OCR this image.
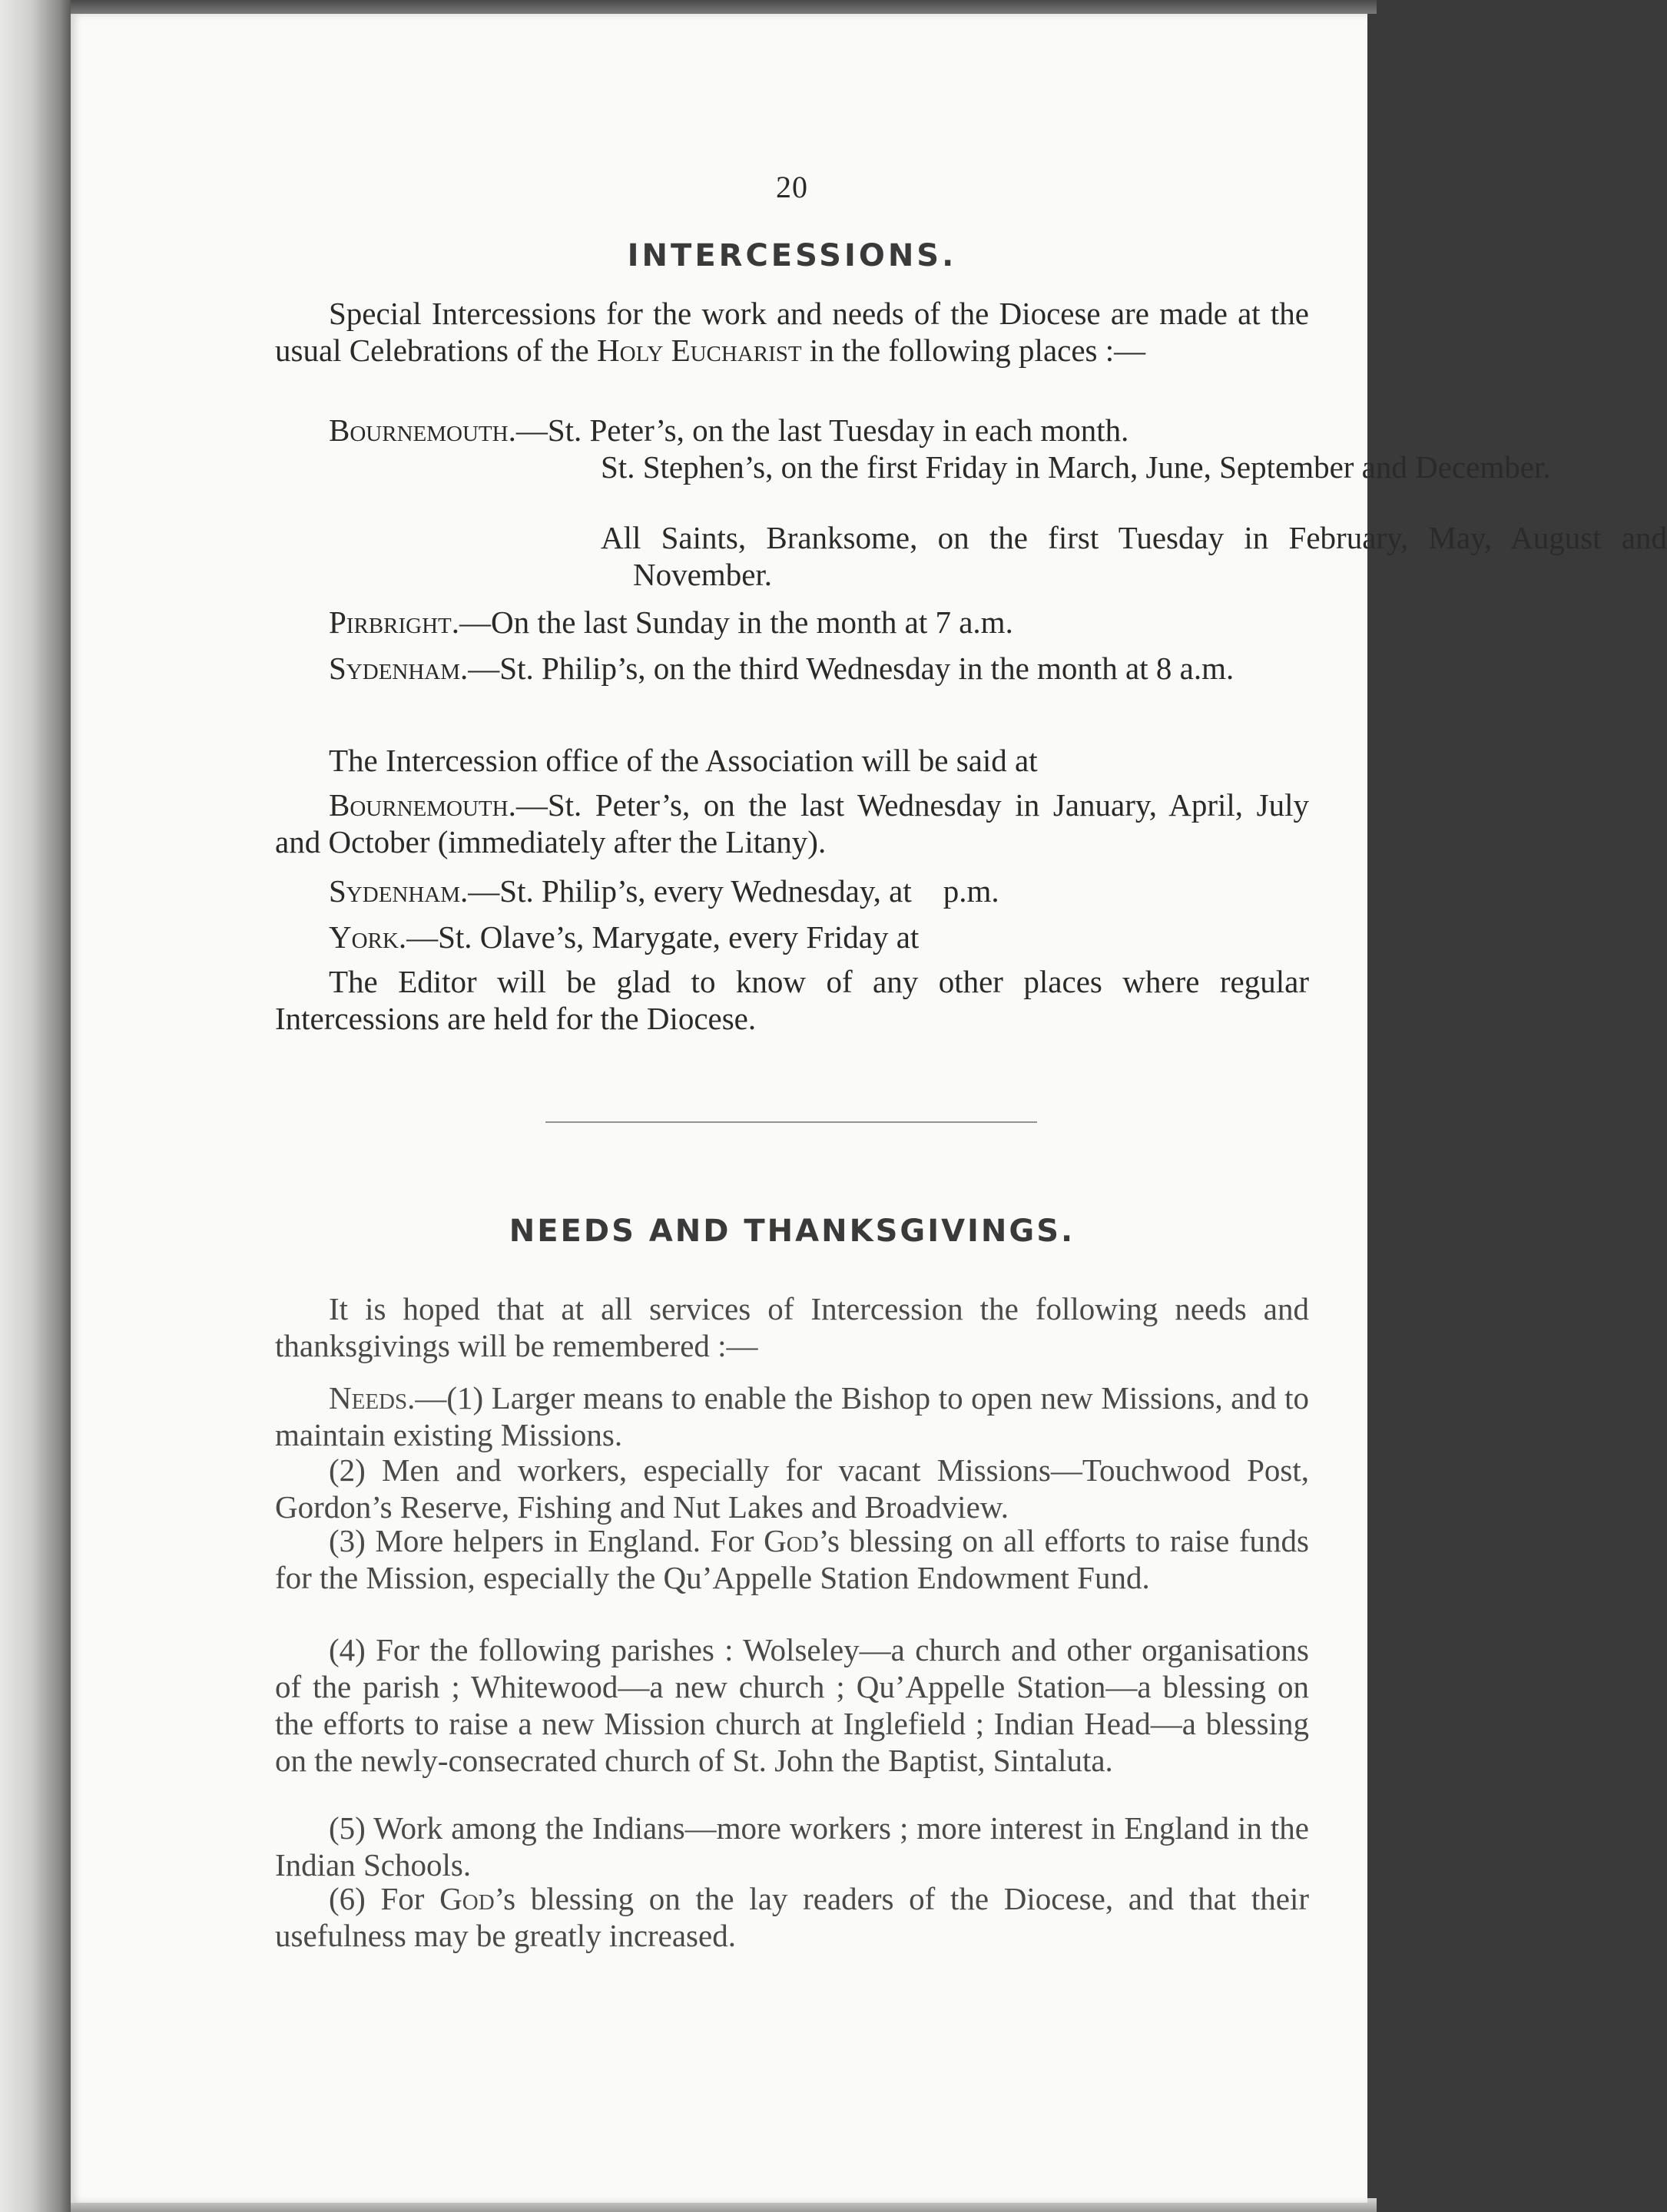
20
INTERCESSIONS.

Special Intercessions for the work and needs of the Diocese are made at the usual Celebrations of the Holy Eucharist in the following places :—

Bournemouth.—St. Peter’s, on the last Tuesday in each month.

St. Stephen’s, on the first Friday in March, June, September and December.

All Saints, Branksome, on the first Tuesday in February, May, August and November.

Pirbright.—On the last Sunday in the month at 7 a.m.

Sydenham.—St. Philip’s, on the third Wednesday in the month at 8 a.m.

The Intercession office of the Association will be said at

Bournemouth.—St. Peter’s, on the last Wednesday in January, April, July and October (immediately after the Litany).

Sydenham.—St. Philip’s, every Wednesday, at    p.m.

York.—St. Olave’s, Marygate, every Friday at

The Editor will be glad to know of any other places where regular Intercessions are held for the Diocese.

NEEDS AND THANKSGIVINGS.

It is hoped that at all services of Intercession the following needs and thanksgivings will be remembered :—

Needs.—(1) Larger means to enable the Bishop to open new Missions, and to maintain existing Missions.

(2) Men and workers, especially for vacant Missions—Touchwood Post, Gordon’s Reserve, Fishing and Nut Lakes and Broadview.

(3) More helpers in England. For God’s blessing on all efforts to raise funds for the Mission, especially the Qu’Appelle Station Endowment Fund.

(4) For the following parishes : Wolseley—a church and other organisations of the parish ; Whitewood—a new church ; Qu’Appelle Station—a blessing on the efforts to raise a new Mission church at Inglefield ; Indian Head—a blessing on the newly-consecrated church of St. John the Baptist, Sintaluta.

(5) Work among the Indians—more workers ; more interest in England in the Indian Schools.

(6) For God’s blessing on the lay readers of the Diocese, and that their usefulness may be greatly increased.
